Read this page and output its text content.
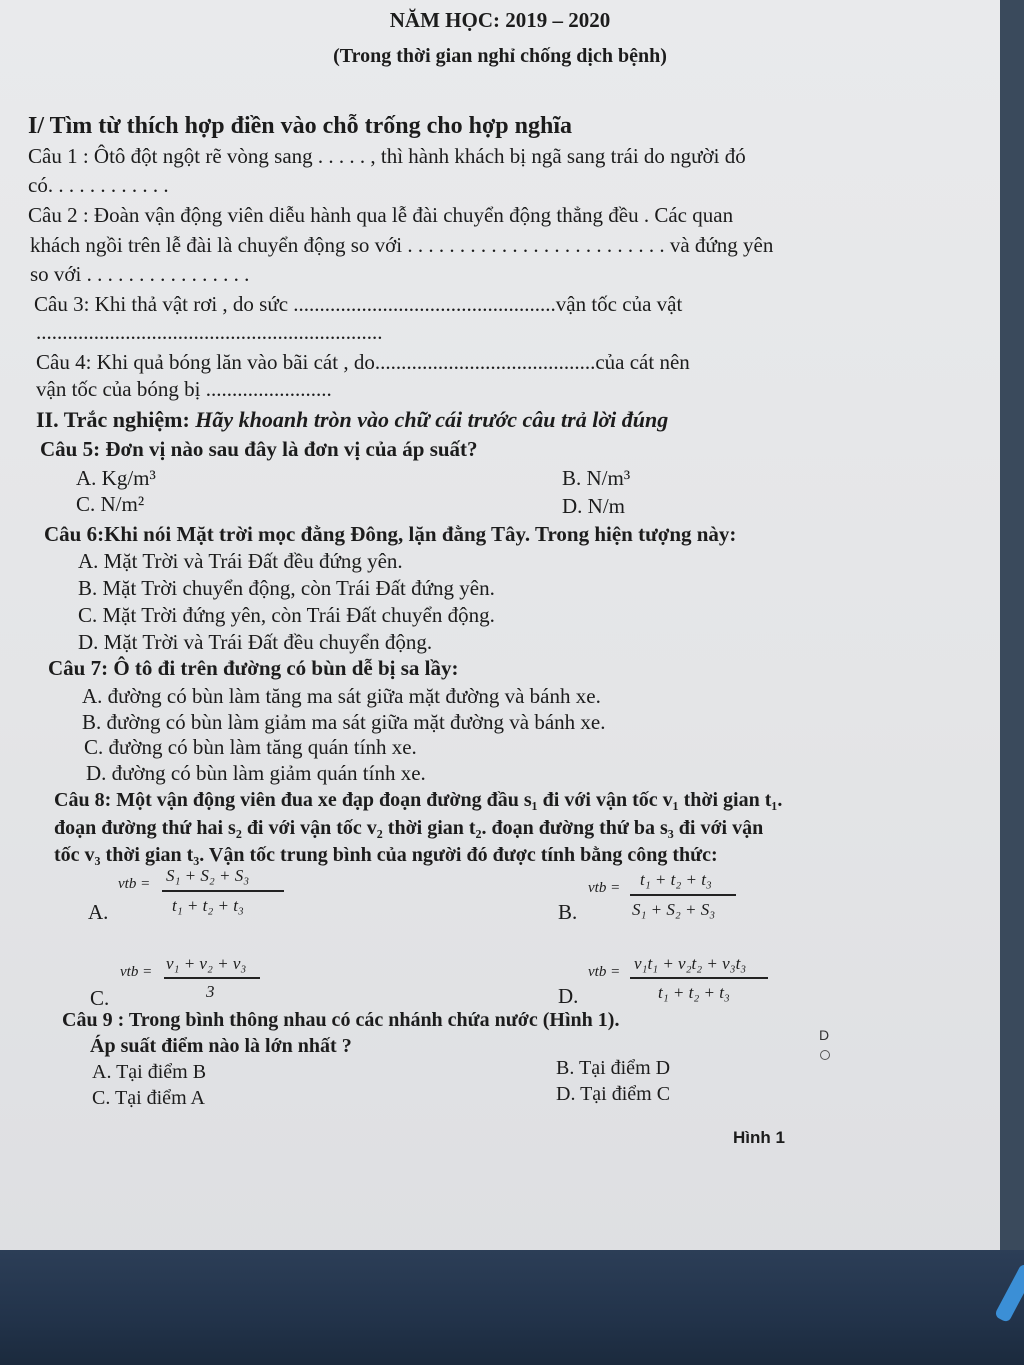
NĂM HỌC: 2019 – 2020
(Trong thời gian nghỉ chống dịch bệnh)
I/ Tìm từ thích hợp điền vào chỗ trống cho hợp nghĩa
Câu 1 : Ôtô đột ngột rẽ vòng sang . . . . . , thì hành khách bị ngã sang trái do người đó
có. . . . . . . . . . . .
Câu 2 : Đoàn vận động viên diễu hành qua lễ đài chuyển động thẳng đều . Các quan
khách ngồi trên lễ đài là chuyển động so với . . . . . . . . . . . . . . . . . . . . . . . . . và đứng yên
so với . . . . . . . . . . . . . . . .
Câu 3: Khi thả vật rơi , do sức ..................................................vận tốc của vật
..................................................................
Câu 4: Khi quả bóng lăn vào bãi cát , do..........................................của cát nên
vận tốc của bóng bị ........................
II. Trắc nghiệm: Hãy khoanh tròn vào chữ cái trước câu trả lời đúng
Câu 5: Đơn vị nào sau đây là đơn vị của áp suất?
A. Kg/m³	B. N/m³
C. N/m²	D. N/m
Câu 6:Khi nói Mặt trời mọc đằng Đông, lặn đằng Tây. Trong hiện tượng này:
A. Mặt Trời và Trái Đất đều đứng yên.
B. Mặt Trời chuyển động, còn Trái Đất đứng yên.
C. Mặt Trời đứng yên, còn Trái Đất chuyển động.
D. Mặt Trời và Trái Đất đều chuyển động.
Câu 7: Ô tô đi trên đường có bùn dễ bị sa lầy:
A. đường có bùn làm tăng ma sát giữa mặt đường và bánh xe.
B. đường có bùn làm giảm ma sát giữa mặt đường và bánh xe.
C. đường có bùn làm tăng quán tính xe.
D. đường có bùn làm giảm quán tính xe.
Câu 8: Một vận động viên đua xe đạp đoạn đường đầu s₁ đi với vận tốc v₁ thời gian t₁.
đoạn đường thứ hai s₂ đi với vận tốc v₂ thời gian t₂. đoạn đường thứ ba s₃ đi với vận
tốc v₃ thời gian t₃. Vận tốc trung bình của người đó được tính bằng công thức:
A.
vtb = S₁ + S₂ + S₃
t₁ + t₂ + t₃	B.
vtb = t₁ + t₂ + t₃
S₁ + S₂ + S₃
C.
vtb = v₁ + v₂ + v₃
3	D.
vtb = v₁t₁ + v₂t₂ + v₃t₃
t₁ + t₂ + t₃
Câu 9 : Trong bình thông nhau có các nhánh chứa nước (Hình 1).
Áp suất điểm nào là lớn nhất ?
A. Tại điểm B	B. Tại điểm D
C. Tại điểm A	D. Tại điểm C
D
Hình 1
